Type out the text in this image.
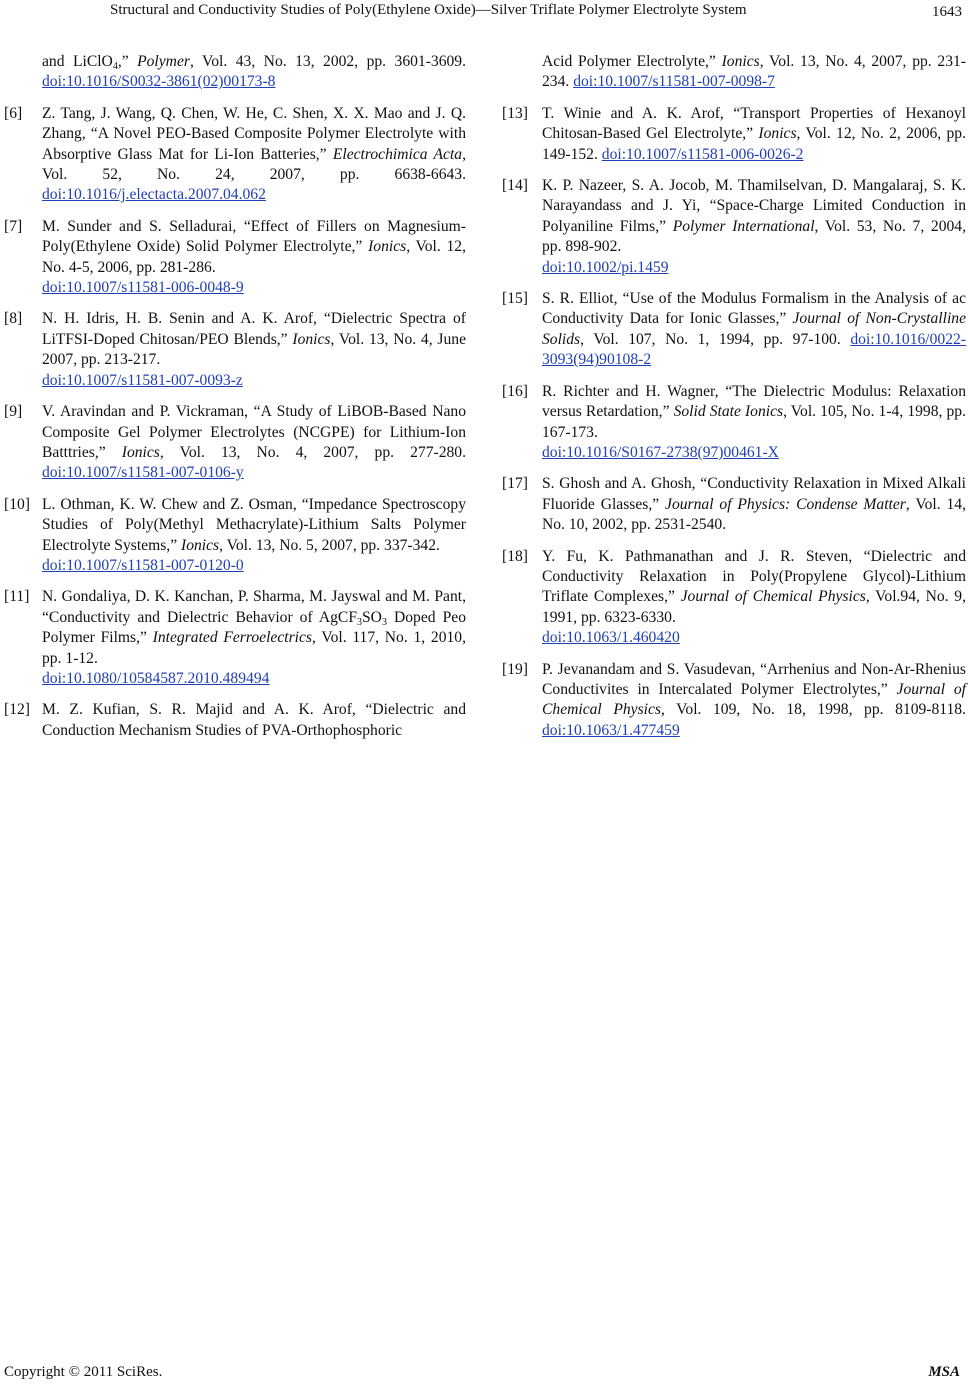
Structural and Conductivity Studies of Poly(Ethylene Oxide)—Silver Triflate Polymer Electrolyte System	1643
and LiClO$_4$,” Polymer, Vol. 43, No. 13, 2002, pp. 3601-3609. doi:10.1016/S0032-3861(02)00173-8
[6] Z. Tang, J. Wang, Q. Chen, W. He, C. Shen, X. X. Mao and J. Q. Zhang, “A Novel PEO-Based Composite Polymer Electrolyte with Absorptive Glass Mat for Li-Ion Batteries,” Electrochimica Acta, Vol. 52, No. 24, 2007, pp. 6638-6643. doi:10.1016/j.electacta.2007.04.062
[7] M. Sunder and S. Selladurai, “Effect of Fillers on Magnesium-Poly(Ethylene Oxide) Solid Polymer Electrolyte,” Ionics, Vol. 12, No. 4-5, 2006, pp. 281-286.
doi:10.1007/s11581-006-0048-9
[8] N. H. Idris, H. B. Senin and A. K. Arof, “Dielectric Spectra of LiTFSI-Doped Chitosan/PEO Blends,” Ionics, Vol. 13, No. 4, June 2007, pp. 213-217.
doi:10.1007/s11581-007-0093-z
[9] V. Aravindan and P. Vickraman, “A Study of LiBOB-Based Nano Composite Gel Polymer Electrolytes (NCGPE) for Lithium-Ion Batttries,” Ionics, Vol. 13, No. 4, 2007, pp. 277-280. doi:10.1007/s11581-007-0106-y
[10] L. Othman, K. W. Chew and Z. Osman, “Impedance Spectroscopy Studies of Poly(Methyl Methacrylate)-Lithium Salts Polymer Electrolyte Systems,” Ionics, Vol. 13, No. 5, 2007, pp. 337-342.
doi:10.1007/s11581-007-0120-0
[11] N. Gondaliya, D. K. Kanchan, P. Sharma, M. Jayswal and M. Pant, “Conductivity and Dielectric Behavior of $AgCF_3SO_3$ Doped Peo Polymer Films,” Integrated Ferroelectrics, Vol. 117, No. 1, 2010, pp. 1-12.
doi:10.1080/10584587.2010.489494
[12] M. Z. Kufian, S. R. Majid and A. K. Arof, “Dielectric and Conduction Mechanism Studies of PVA-Orthophosphoric
Acid Polymer Electrolyte,” Ionics, Vol. 13, No. 4, 2007, pp. 231-234. doi:10.1007/s11581-007-0098-7
[13] T. Winie and A. K. Arof, “Transport Properties of Hexanoyl Chitosan-Based Gel Electrolyte,” Ionics, Vol. 12, No. 2, 2006, pp. 149-152. doi:10.1007/s11581-006-0026-2
[14] K. P. Nazeer, S. A. Jocob, M. Thamilselvan, D. Mangalaraj, S. K. Narayandass and J. Yi, “Space-Charge Limited Conduction in Polyaniline Films,” Polymer International, Vol. 53, No. 7, 2004, pp. 898-902.
doi:10.1002/pi.1459
[15] S. R. Elliot, “Use of the Modulus Formalism in the Analysis of ac Conductivity Data for Ionic Glasses,” Journal of Non-Crystalline Solids, Vol. 107, No. 1, 1994, pp. 97-100. doi:10.1016/0022-3093(94)90108-2
[16] R. Richter and H. Wagner, “The Dielectric Modulus: Relaxation versus Retardation,” Solid State Ionics, Vol. 105, No. 1-4, 1998, pp. 167-173.
doi:10.1016/S0167-2738(97)00461-X
[17] S. Ghosh and A. Ghosh, “Conductivity Relaxation in Mixed Alkali Fluoride Glasses,” Journal of Physics: Condense Matter, Vol. 14, No. 10, 2002, pp. 2531-2540.
[18] Y. Fu, K. Pathmanathan and J. R. Steven, “Dielectric and Conductivity Relaxation in Poly(Propylene Glycol)-Lithium Triflate Complexes,” Journal of Chemical Physics, Vol.94, No. 9, 1991, pp. 6323-6330.
doi:10.1063/1.460420
[19] P. Jevanandam and S. Vasudevan, “Arrhenius and Non-Ar-Rhenius Conductivites in Intercalated Polymer Electrolytes,” Journal of Chemical Physics, Vol. 109, No. 18, 1998, pp. 8109-8118. doi:10.1063/1.477459
Copyright © 2011 SciRes.	MSA
